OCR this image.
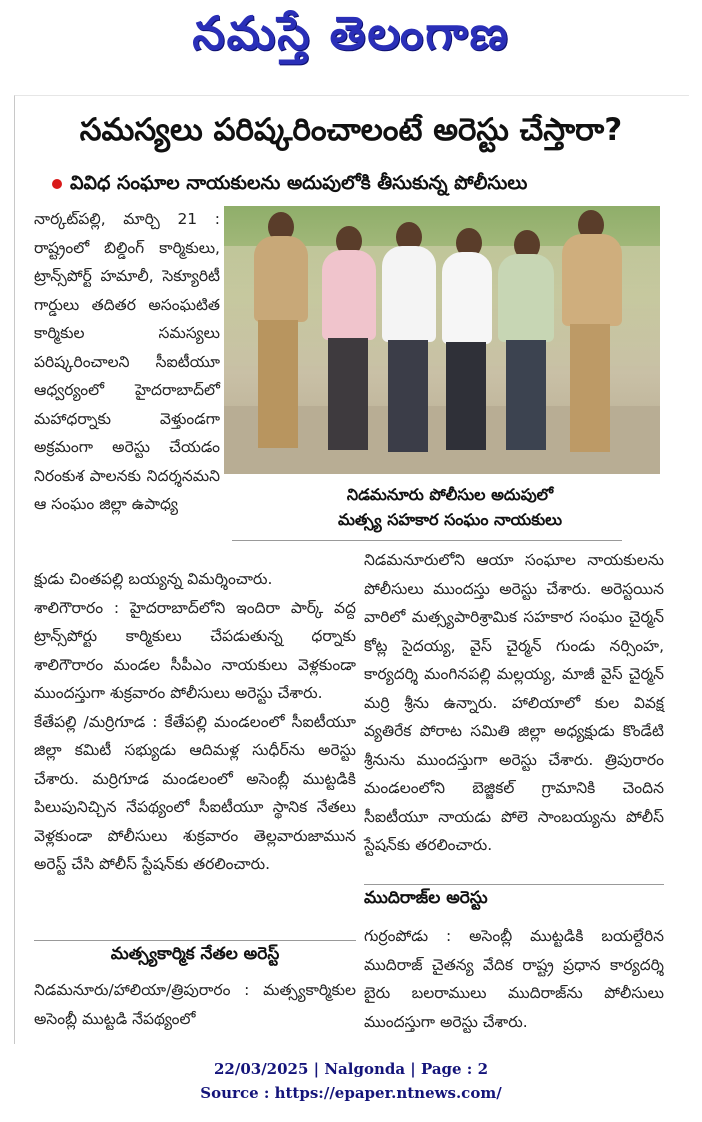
నమస్తే తెలంగాణ
సమస్యలు పరిష్కరించాలంటే అరెస్టు చేస్తారా?
వివిధ సంఘాల నాయకులను అదుపులోకి తీసుకున్న పోలీసులు

నార్కట్‌పల్లి, మార్చి 21 : రాష్ట్రంలో బిల్డింగ్ కార్మికులు, ట్రాన్స్‌పోర్ట్ హమాలీ, సెక్యూరిటీ గార్డులు తదితర అసంఘటిత కార్మికుల సమస్యలు పరిష్కరించాలని సీఐటీయూ ఆధ్వర్యంలో హైదరాబాద్‌లో మహాధర్నాకు వెళ్తుండగా అక్రమంగా అరెస్టు చేయడం నిరంకుశ పాలనకు నిదర్శనమని ఆ సంఘం జిల్లా ఉపాధ్య	నిడమనూరు పోలీసుల అదుపులో
మత్స్య సహకార సంఘం నాయకులు

క్షుడు చింతపల్లి బయ్యన్న విమర్శించారు.

శాలిగౌరారం : హైదరాబాద్‌లోని ఇందిరా పార్క్ వద్ద ట్రాన్స్‌పోర్టు కార్మికులు చేపడుతున్న ధర్నాకు శాలిగౌరారం మండల సీపీఎం నాయకులు వెళ్లకుండా ముందస్తుగా శుక్రవారం పోలీసులు అరెస్టు చేశారు.

కేతేపల్లి /మర్రిగూడ : కేతేపల్లి మండలంలో సీఐటీయూ జిల్లా కమిటీ సభ్యుడు ఆదిమళ్ల సుధీర్‌ను అరెస్టు చేశారు. మర్రిగూడ మండలంలో అసెంబ్లీ ముట్టడికి పిలుపునిచ్చిన నేపథ్యంలో సీఐటీయూ స్థానిక నేతలు వెళ్లకుండా పోలీసులు శుక్రవారం తెల్లవారుజామున అరెస్ట్ చేసి పోలీస్ స్టేషన్‌కు తరలించారు.

మత్స్యకార్మిక నేతల అరెస్ట్

నిడమనూరు/హాలియా/త్రిపురారం : మత్స్యకార్మికుల అసెంబ్లీ ముట్టడి నేపథ్యంలో

నిడమనూరులోని ఆయా సంఘాల నాయకులను పోలీసులు ముందస్తు అరెస్టు చేశారు. అరెస్టయిన వారిలో మత్స్యపారిశ్రామిక సహకార సంఘం చైర్మన్ కోట్ల సైదయ్య, వైస్ చైర్మన్ గుండు నర్సింహ, కార్యదర్శి మంగినపల్లి మల్లయ్య, మాజీ వైస్ చైర్మన్ మర్రి శ్రీను ఉన్నారు. హాలియాలో కుల వివక్ష వ్యతిరేక పోరాట సమితి జిల్లా అధ్యక్షుడు కొండేటి శ్రీనును ముందస్తుగా అరెస్టు చేశారు. త్రిపురారం మండలంలోని బెజ్జికల్ గ్రామానికి చెందిన సీఐటీయూ నాయడు పోలె సాంబయ్యను పోలీస్ స్టేషన్‌కు తరలించారు.

ముదిరాజ్‌ల అరెస్టు

గుర్రంపోడు : అసెంబ్లీ ముట్టడికి బయల్దేరిన ముదిరాజ్ చైతన్య వేదిక రాష్ట్ర ప్రధాన కార్యదర్శి బైరు బలరాములు ముదిరాజ్‌ను పోలీసులు ముందస్తుగా అరెస్టు చేశారు.

22/03/2025 | Nalgonda | Page : 2
Source : https://epaper.ntnews.com/
